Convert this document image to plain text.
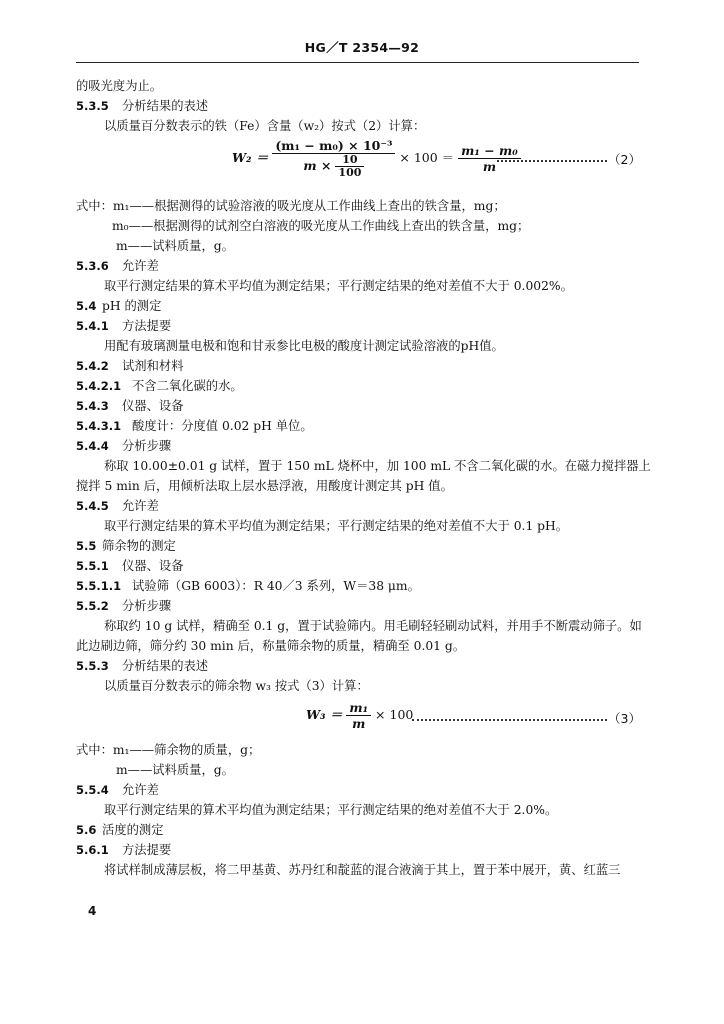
HG／T 2354—92
的吸光度为止。
5.3.5 分析结果的表述
以质量百分数表示的铁（Fe）含量（w₂）按式（2）计算：
$W_2 = \frac{\text{(m₁ − m₀) × 10⁻³}}{m \times \frac{10}{100}} \times 100 = \frac{\text{m₁ − m₀}}{m}$	（2）
式中：m₁——根据测得的试验溶液的吸光度从工作曲线上查出的铁含量，mg；
m₀——根据测得的试剂空白溶液的吸光度从工作曲线上查出的铁含量，mg；
m——试料质量，g。
5.3.6 允许差
取平行测定结果的算术平均值为测定结果；平行测定结果的绝对差值不大于 0.002%。
5.4 pH 的测定
5.4.1 方法提要
用配有玻璃测量电极和饱和甘汞参比电极的酸度计测定试验溶液的pH值。
5.4.2 试剂和材料
5.4.2.1 不含二氧化碳的水。
5.4.3 仪器、设备
5.4.3.1 酸度计：分度值 0.02 pH 单位。
5.4.4 分析步骤
称取 10.00±0.01 g 试样，置于 150 mL 烧杯中，加 100 mL 不含二氧化碳的水。在磁力搅拌器上
搅拌 5 min 后，用倾析法取上层水悬浮液，用酸度计测定其 pH 值。
5.4.5 允许差
取平行测定结果的算术平均值为测定结果；平行测定结果的绝对差值不大于 0.1 pH。
5.5 筛余物的测定
5.5.1 仪器、设备
5.5.1.1 试验筛（GB 6003）：R 40／3 系列，W＝38 μm。
5.5.2 分析步骤
称取约 10 g 试样，精确至 0.1 g，置于试验筛内。用毛刷轻轻刷动试料，并用手不断震动筛子。如
此边刷边筛，筛分约 30 min 后，称量筛余物的质量，精确至 0.01 g。
5.5.3 分析结果的表述
以质量百分数表示的筛余物 w₃ 按式（3）计算：
$W_3 = \frac{\text{m₁}}{m} \times 100$	（3）
式中：m₁——筛余物的质量，g；
m——试料质量，g。
5.5.4 允许差
取平行测定结果的算术平均值为测定结果；平行测定结果的绝对差值不大于 2.0%。
5.6 活度的测定
5.6.1 方法提要
将试样制成薄层板，将二甲基黄、苏丹红和靛蓝的混合液滴于其上，置于苯中展开，黄、红蓝三
4
